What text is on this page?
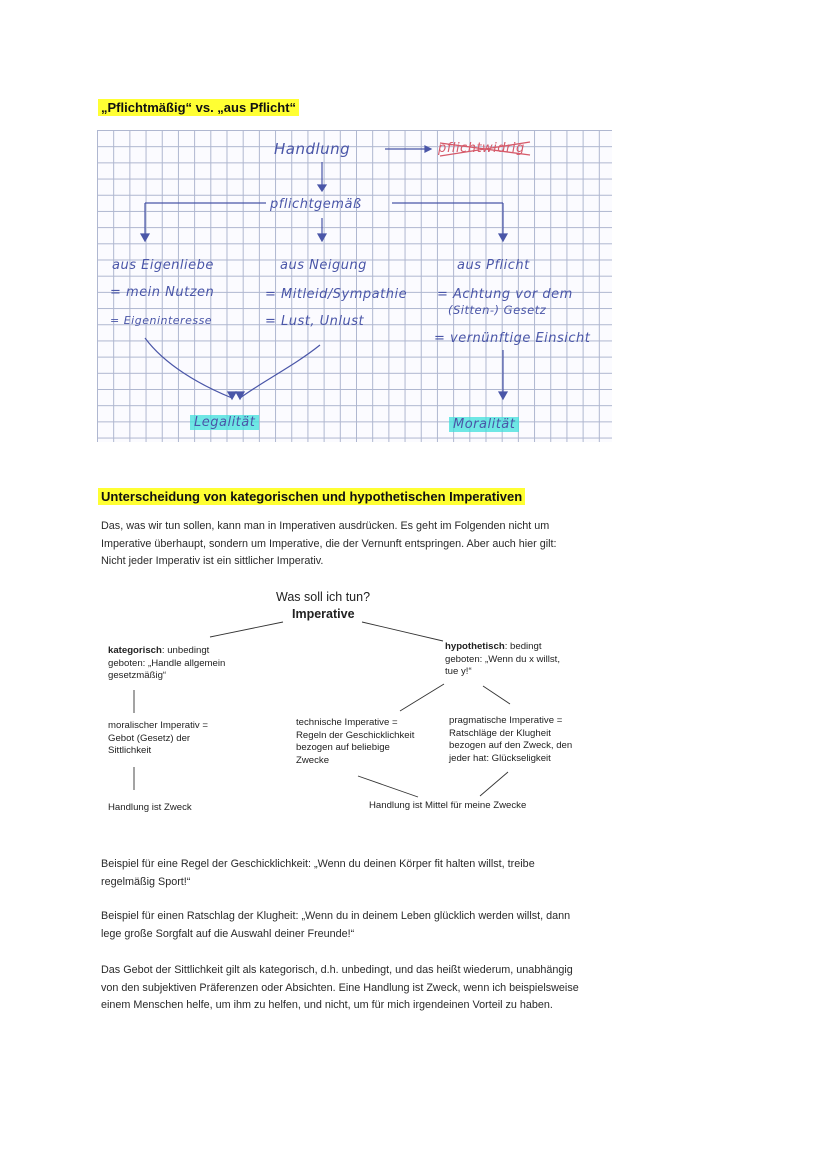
„Pflichtmäßig“ vs. „aus Pflicht“
Handlung	pflichtwidrig
pflichtgemäß
aus Eigenliebe
= mein Nutzen
= Eigeninteresse
aus Neigung
= Mitleid/Sympathie
= Lust, Unlust
aus Pflicht
= Achtung vor dem
(Sitten-) Gesetz
= vernünftige Einsicht
Legalität	Moralität
Unterscheidung von kategorischen und hypothetischen Imperativen

Das, was wir tun sollen, kann man in Imperativen ausdrücken. Es geht im Folgenden nicht um Imperative überhaupt, sondern um Imperative, die der Vernunft entspringen. Aber auch hier gilt: Nicht jeder Imperativ ist ein sittlicher Imperativ.

Was soll ich tun?
Imperative
kategorisch: unbedingt geboten: „Handle allgemein gesetzmäßig“
hypothetisch: bedingt geboten: „Wenn du x willst, tue y!“
moralischer Imperativ = Gebot (Gesetz) der Sittlichkeit
technische Imperative = Regeln der Geschicklichkeit bezogen auf beliebige Zwecke
pragmatische Imperative = Ratschläge der Klugheit bezogen auf den Zweck, den jeder hat: Glückseligkeit
Handlung ist Zweck	Handlung ist Mittel für meine Zwecke

Beispiel für eine Regel der Geschicklichkeit: „Wenn du deinen Körper fit halten willst, treibe regelmäßig Sport!“

Beispiel für einen Ratschlag der Klugheit: „Wenn du in deinem Leben glücklich werden willst, dann lege große Sorgfalt auf die Auswahl deiner Freunde!“

Das Gebot der Sittlichkeit gilt als kategorisch, d.h. unbedingt, und das heißt wiederum, unabhängig von den subjektiven Präferenzen oder Absichten. Eine Handlung ist Zweck, wenn ich beispielsweise einem Menschen helfe, um ihm zu helfen, und nicht, um für mich irgendeinen Vorteil zu haben.
